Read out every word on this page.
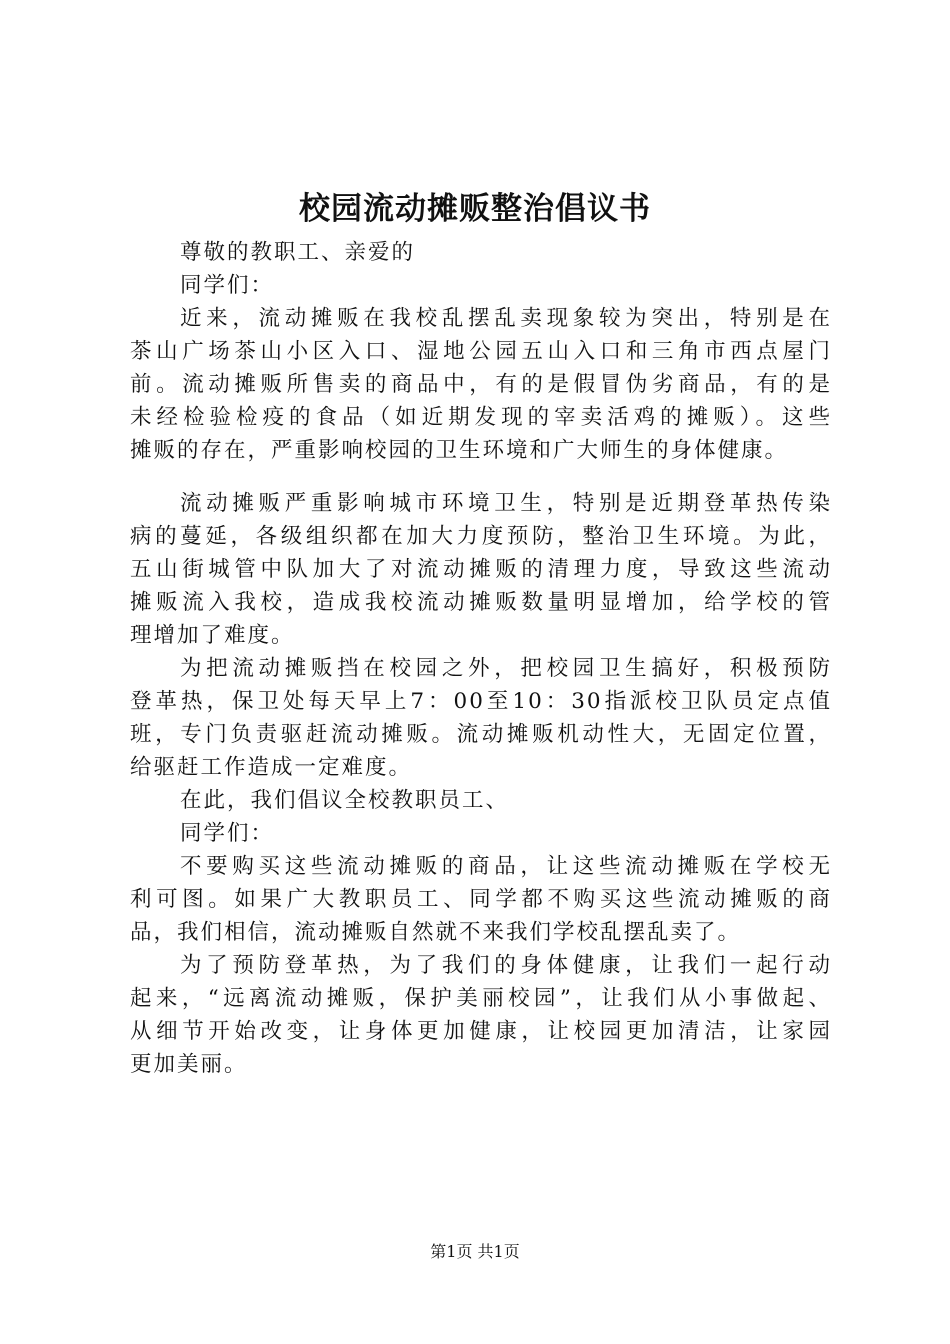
校园流动摊贩整治倡议书

尊敬的教职工、亲爱的

同学们：

近来，流动摊贩在我校乱摆乱卖现象较为突出，特别是在

茶山广场茶山小区入口、湿地公园五山入口和三角市西点屋门

前。流动摊贩所售卖的商品中，有的是假冒伪劣商品，有的是

未经检验检疫的食品（如近期发现的宰卖活鸡的摊贩）。这些

摊贩的存在，严重影响校园的卫生环境和广大师生的身体健康。

流动摊贩严重影响城市环境卫生，特别是近期登革热传染

病的蔓延，各级组织都在加大力度预防，整治卫生环境。为此，

五山街城管中队加大了对流动摊贩的清理力度，导致这些流动

摊贩流入我校，造成我校流动摊贩数量明显增加，给学校的管

理增加了难度。

为把流动摊贩挡在校园之外，把校园卫生搞好，积极预防

登革热，保卫处每天早上7：00至10：30指派校卫队员定点值

班，专门负责驱赶流动摊贩。流动摊贩机动性大，无固定位置，

给驱赶工作造成一定难度。

在此，我们倡议全校教职员工、

同学们：

不要购买这些流动摊贩的商品，让这些流动摊贩在学校无

利可图。如果广大教职员工、同学都不购买这些流动摊贩的商

品，我们相信，流动摊贩自然就不来我们学校乱摆乱卖了。

为了预防登革热，为了我们的身体健康，让我们一起行动

起来，“远离流动摊贩，保护美丽校园”，让我们从小事做起、

从细节开始改变，让身体更加健康，让校园更加清洁，让家园

更加美丽。

第1页 共1页
